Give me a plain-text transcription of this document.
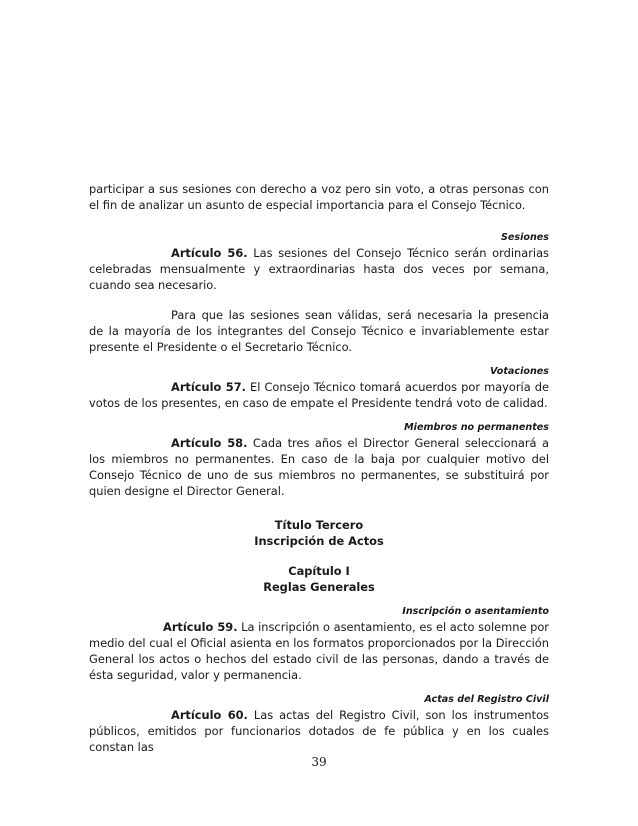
participar a sus sesiones con derecho a voz pero sin voto, a otras personas con el fin de analizar un asunto de especial importancia para el Consejo Técnico.

Sesiones

Artículo 56. Las sesiones del Consejo Técnico serán ordinarias celebradas mensualmente y extraordinarias hasta dos veces por semana, cuando sea necesario.

Para que las sesiones sean válidas, será necesaria la presencia de la mayoría de los integrantes del Consejo Técnico e invariablemente estar presente el Presidente o el Secretario Técnico.

Votaciones

Artículo 57. El Consejo Técnico tomará acuerdos por mayoría de votos de los presentes, en caso de empate el Presidente tendrá voto de calidad.

Miembros no permanentes

Artículo 58. Cada tres años el Director General seleccionará a los miembros no permanentes. En caso de la baja por cualquier motivo del Consejo Técnico de uno de sus miembros no permanentes, se substituirá por quien designe el Director General.

Título Tercero

Inscripción de Actos

Capítulo I

Reglas Generales

Inscripción o asentamiento

Artículo 59. La inscripción o asentamiento, es el acto solemne por medio del cual el Oficial asienta en los formatos proporcionados por la Dirección General los actos o hechos del estado civil de las personas, dando a través de ésta seguridad, valor y permanencia.

Actas del Registro Civil

Artículo 60. Las actas del Registro Civil, son los instrumentos públicos, emitidos por funcionarios dotados de fe pública y en los cuales constan las

39
